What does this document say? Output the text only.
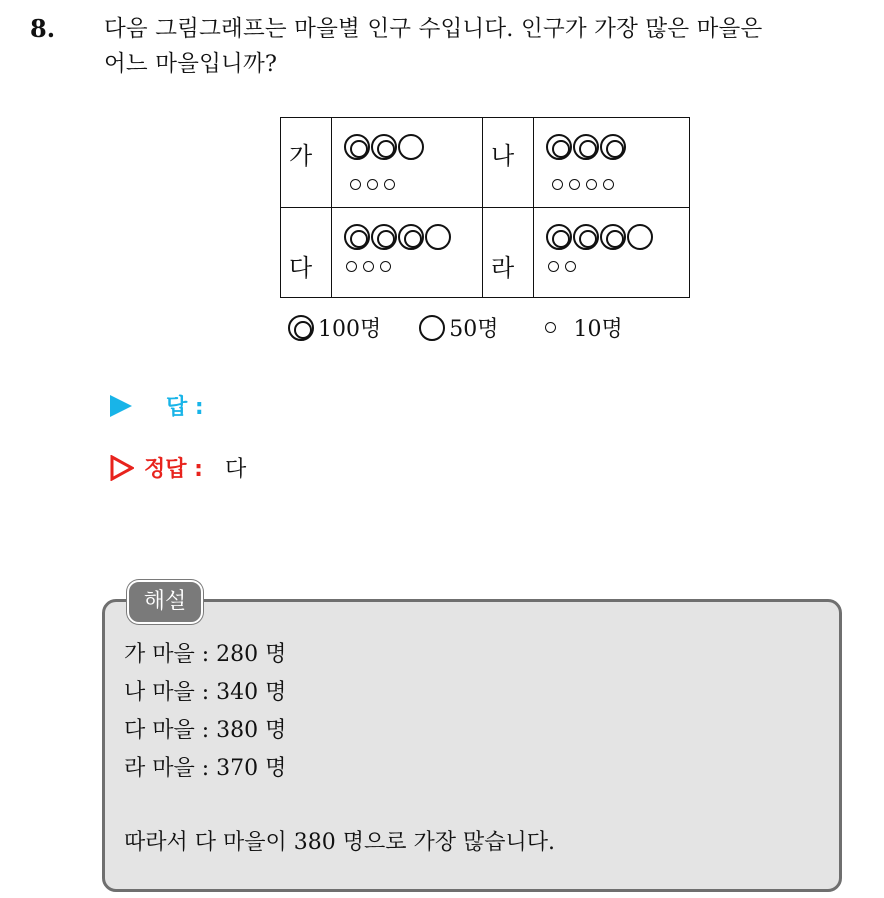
8. 다음 그림그래프는 마을별 인구 수입니다. 인구가 가장 많은 마을은
어느 마을입니까?
가		나	

다		라	

100명	50명	10명
답 :
정답 : 다
해설
가 마을 : 280 명
나 마을 : 340 명
다 마을 : 380 명
라 마을 : 370 명
따라서 다 마을이 380 명으로 가장 많습니다.
